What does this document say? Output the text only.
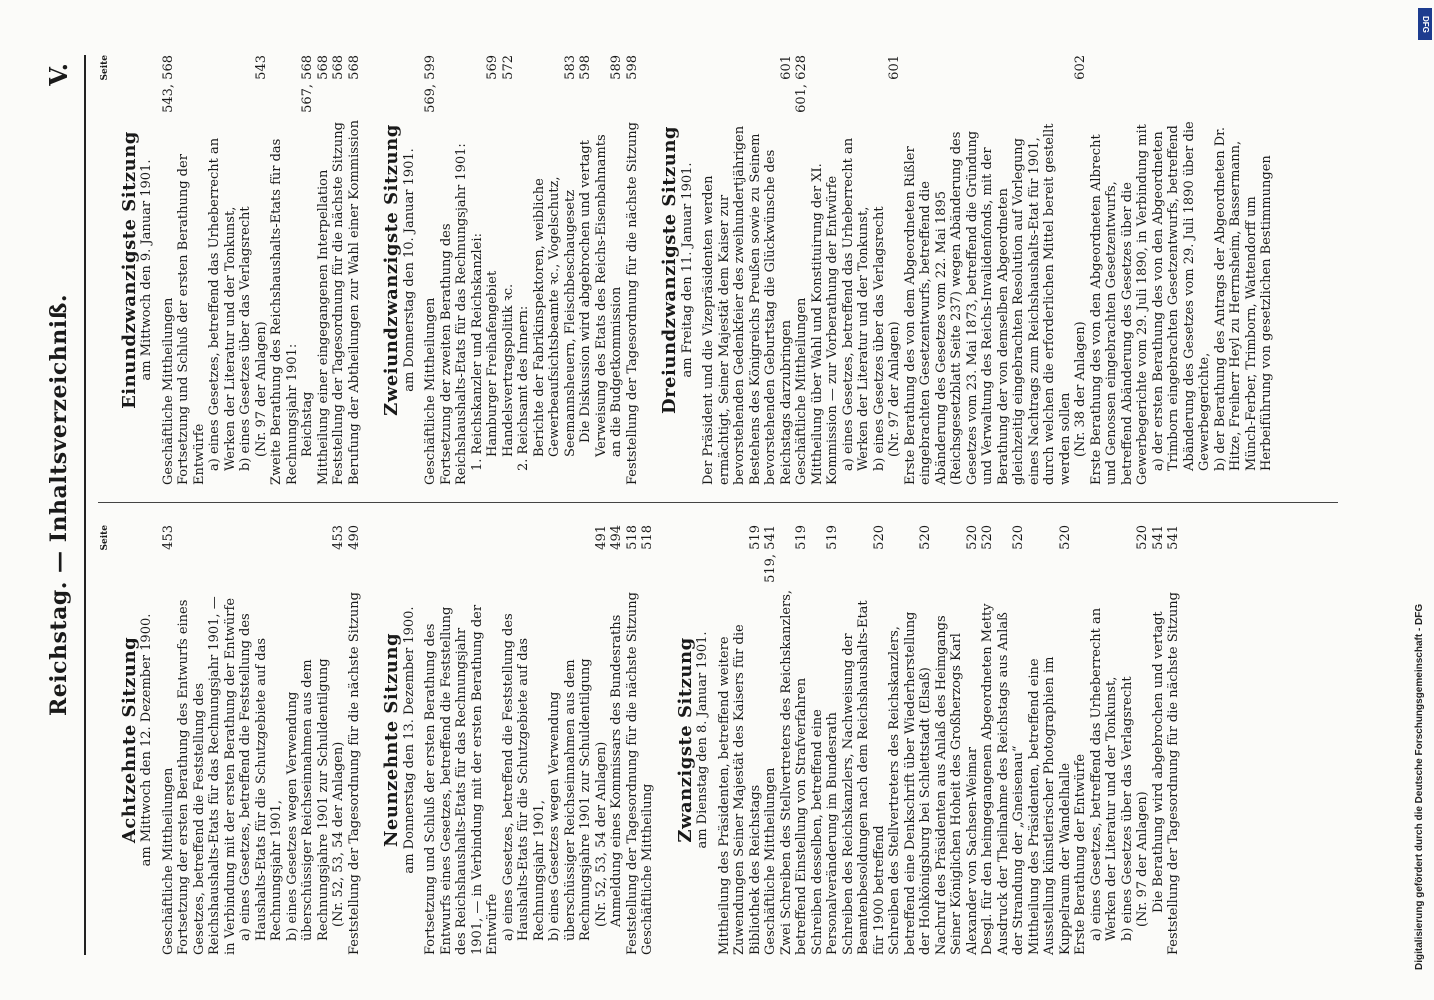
Reichstag. — Inhaltsverzeichniß.
V.
Seite
Achtzehnte Sitzung am Mittwoch den 12. Dezember 1900. Geschäftliche Mittheilungen
453
Fortsetzung der ersten Berathung des Entwurfs eines Gesetzes, betreffend die Feststellung des Reichshaushalts-Etats für das Rechnungsjahr 1901, — in Verbindung mit der ersten Berathung der Entwürfe a) eines Gesetzes, betreffend die Feststellung des Haushalts-Etats für die Schutzgebiete auf das Rechnungsjahr 1901, b) eines Gesetzes wegen Verwendung überschüssiger Reichseinnahmen aus dem Rechnungsjahre 1901 zur Schuldentilgung (Nr. 52, 53, 54 der Anlagen)
453
Feststellung der Tagesordnung für die nächste Sitzung
490
Neunzehnte Sitzung am Donnerstag den 13. Dezember 1900. Fortsetzung und Schluß der ersten Berathung des Entwurfs eines Gesetzes, betreffend die Feststellung des Reichshaushalts-Etats für das Rechnungsjahr 1901, — in Verbindung mit der ersten Berathung der Entwürfe a) eines Gesetzes, betreffend die Feststellung des Haushalts-Etats für die Schutzgebiete auf das Rechnungsjahr 1901, b) eines Gesetzes wegen Verwendung überschüssiger Reichseinnahmen aus dem Rechnungsjahre 1901 zur Schuldentilgung (Nr. 52, 53, 54 der Anlagen)
491
Anmeldung eines Kommissars des Bundesraths
494
Feststellung der Tagesordnung für die nächste Sitzung
518
Geschäftliche Mittheilung
518
Zwanzigste Sitzung am Dienstag den 8. Januar 1901. Mittheilung des Präsidenten, betreffend weitere Zuwendungen Seiner Majestät des Kaisers für die Bibliothek des Reichstags
519
Geschäftliche Mittheilungen
519, 541
Zwei Schreiben des Stellvertreters des Reichskanzlers, betreffend Einstellung von Strafverfahren
519
Schreiben desselben, betreffend eine Personalveränderung im Bundesrath
519
Schreiben des Reichskanzlers, Nachweisung der Beamtenbesoldungen nach dem Reichshaushalts-Etat für 1900 betreffend
520
Schreiben des Stellvertreters des Reichskanzlers, betreffend eine Denkschrift über Wiederherstellung der Hohkönigsburg bei Schlettstadt (Elsaß)
520
Nachruf des Präsidenten aus Anlaß des Heimgangs Seiner Königlichen Hoheit des Großherzogs Karl Alexander von Sachsen-Weimar
520
Desgl. für den heimgegangenen Abgeordneten Metty
520
Ausdruck der Theilnahme des Reichstags aus Anlaß der Strandung der „Gneisenau“
520
Mittheilung des Präsidenten, betreffend eine Ausstellung künstlerischer Photographien im Kuppelraum der Wandelhalle
520
Erste Berathung der Entwürfe a) eines Gesetzes, betreffend das Urheberrecht an Werken der Literatur und der Tonkunst, b) eines Gesetzes über das Verlagsrecht (Nr. 97 der Anlagen)
520
Die Berathung wird abgebrochen und vertagt
541
Feststellung der Tagesordnung für die nächste Sitzung
541
Seite
Einundzwanzigste Sitzung am Mittwoch den 9. Januar 1901.
Geschäftliche Mittheilungen
543, 568
Fortsetzung und Schluß der ersten Berathung der Entwürfe a) eines Gesetzes, betreffend das Urheberrecht an Werken der Literatur und der Tonkunst, b) eines Gesetzes über das Verlagsrecht (Nr. 97 der Anlagen)
543
Zweite Berathung des Reichshaushalts-Etats für das Rechnungsjahr 1901: Reichstag
567, 568
Mittheilung einer eingegangenen Interpellation
568
Feststellung der Tagesordnung für die nächste Sitzung
568
Berufung der Abtheilungen zur Wahl einer Kommission
568
Zweiundzwanzigste Sitzung am Donnerstag den 10. Januar 1901. Geschäftliche Mittheilungen
569, 599
Fortsetzung der zweiten Berathung des Reichshaushalts-Etats für das Rechnungsjahr 1901: 1. Reichskanzler und Reichskanzlei: Hamburger Freihafengebiet
569
Handelsvertragspolitik ꝛc.
572
2. Reichsamt des Innern: Berichte der Fabrikinspektoren, weibliche Gewerbeaufsichtsbeamte ꝛc., Vogelschutz, Seemannsheuern, Fleischbeschaugesetz
583
Die Diskussion wird abgebrochen und vertagt
598
Verweisung des Etats des Reichs-Eisenbahnamts an die Budgetkommission
589
Feststellung der Tagesordnung für die nächste Sitzung
598
Dreiundzwanzigste Sitzung am Freitag den 11. Januar 1901. Der Präsident und die Vizepräsidenten werden ermächtigt, Seiner Majestät dem Kaiser zur bevorstehenden Gedenkfeier des zweihundertjährigen Bestehens des Königreichs Preußen sowie zu Seinem bevorstehenden Geburtstag die Glückwünsche des Reichstags darzubringen
601
Geschäftliche Mittheilungen
601, 628
Mittheilung über Wahl und Konstituirung der XI. Kommission — zur Vorberathung der Entwürfe a) eines Gesetzes, betreffend das Urheberrecht an Werken der Literatur und der Tonkunst, b) eines Gesetzes über das Verlagsrecht (Nr. 97 der Anlagen)
601
Erste Berathung des von dem Abgeordneten Rißler eingebrachten Gesetzentwurfs, betreffend die Abänderung des Gesetzes vom 22. Mai 1895 (Reichsgesetzblatt Seite 237) wegen Abänderung des Gesetzes vom 23. Mai 1873, betreffend die Gründung und Verwaltung des Reichs-Invalidenfonds, mit der Berathung der von demselben Abgeordneten gleichzeitig eingebrachten Resolution auf Vorlegung eines Nachtrags zum Reichshaushalts-Etat für 1901, durch welchen die erforderlichen Mittel bereit gestellt werden sollen (Nr. 38 der Anlagen)
602
Erste Berathung des von den Abgeordneten Albrecht und Genossen eingebrachten Gesetzentwurfs, betreffend Abänderung des Gesetzes über die Gewerbegerichte vom 29. Juli 1890, in Verbindung mit a) der ersten Berathung des von den Abgeordneten Trimborn eingebrachten Gesetzentwurfs, betreffend Abänderung des Gesetzes vom 29. Juli 1890 über die Gewerbegerichte, b) der Berathung des Antrags der Abgeordneten Dr. Hitze, Freiherr Heyl zu Herrnsheim, Bassermann, Münch-Ferber, Trimborn, Wattendorff um Herbeiführung von gesetzlichen Bestimmungen
Digitalisierung gefördert durch die Deutsche Forschungsgemeinschaft - DFG
DFG
